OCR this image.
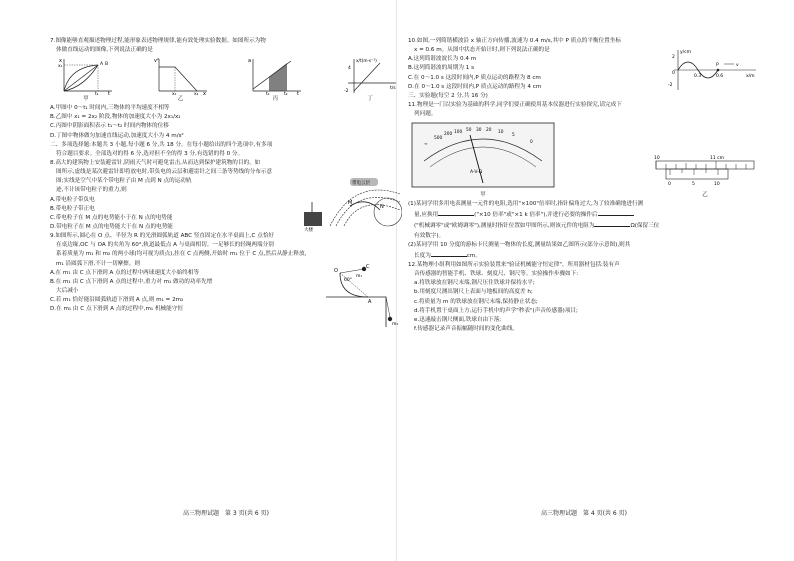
7.图像能够直观描述物理过程,能形象表述物理规律,能有效处理实验数据。如图所示为物

体做直线运动的图像,下列说法正确的是

x
t
x₁
t₁
A B
甲
v²
x
x₁	x₂
乙
a
t
t₁	t₂
丙
x/t(m·s⁻¹)
t/s
4
-2
丁

A.甲图中 0～t₁ 时间内,三物体的平均速度不相等

B.乙图中 x₁ = 2x₂ 阶段,物体的加速度大小为 2x₁/x₂

C.丙图中阴影面积表示 t₁～t₂ 时间内物体的位移

D.丁图中物体做匀加速直线运动,加速度大小为 4 m/s²

二、多项选择题:本题共 3 小题,每小题 6 分,共 18 分。在每小题给出的四个选项中,有多项

符合题目要求。全部选对的得 6 分,选对但不全的得 3 分,有选错的得 0 分。

8.高大的建筑物上安装避雷针,阴雨天气时可避免雷击,从而达到保护建筑物的目的。如

图所示,虚线是某次避雷针即将放电时,带负电的云层和避雷针之间三条等势线的分布示意

图;实线是空气中某个带电粒子由 M 点到 N 点的运动轨

迹,不计该带电粒子的重力,则

带电云层
M
N
大楼

A.带电粒子带负电

B.带电粒子带正电

C.带电粒子在 M 点的电势能小于在 N 点的电势能

D.带电粒子在 M 点的电势能大于在 N 点的电势能

9.如图所示,圆心在 O 点、半径为 R 的光滑圆弧轨道 ABC 竖直固定在水平桌面上,C 点恰好

在桌边缘,OC 与 OA 的夹角为 60°,轨道最低点 A 与桌面相切。一足够长的轻绳两端分别

系着质量为 m₁ 和 m₂ 的两小球(均可视为质点),挂在 C 点两侧,开始时 m₁ 位于 C 点,然后从静止释放,

m₁ 沿圆弧下滑,不计一切摩擦。则

O
60°
C
A
m₁
m₂

A.在 m₁ 由 C 点下滑到 A 点的过程中两球速度大小始终相等

B.在 m₁ 由 C 点下滑到 A 点的过程中,重力对 m₁ 做功的功率先增

大后减小

C.若 m₁ 恰好能沿圆弧轨道下滑到 A 点,则 m₁ = 2m₂

D.在 m₁ 由 C 点下滑到 A 点的过程中,m₁ 机械能守恒

高三物理试题　第 3 页(共 6 页)

10.如图,一列简谐横波沿 x 轴正方向传播,波速为 0.4 m/s,其中 P 质点的平衡位置坐标

x = 0.6 m。从图中状态开始计时,则下列说法正确的是	y/cm
2
0
-2
0.3
P
0.6	x/m
v

A.这列简谐波波长为 0.4 m

B.这列简谐波的周期为 1 s

C.在 0～1.0 s 这段时间内,P 质点运动的路程为 8 cm

D.在 0～1.0 s 这段时间内,P 质点运动的路程为 4 cm

三、实验题(每空 2 分,共 16 分)

11.物理是一门以实验为基础的科学,同学们要正确使用基本仪器进行实验探究,请完成下

列问题。

∞
500
200 100 50 30 20 10
5
0
A-V-Ω
甲
10	11 cm
0	5	10
乙

(1)某同学用多用电表测量一元件的电阻,选用"×100"倍率时,指针偏角过大,为了较准确地进行测

量,应换用	("×10 倍率"或"×1 k 倍率"),并进行必要的操作后

("机械调零"或"欧姆调零"),测量时指针位置如甲图所示,则该元件的电阻为	Ω(保留三位

有效数字)。

(2)某同学用 10 分度的游标卡尺测量一物体的长度,测量结果如乙图所示(部分示意图),则其

长度为	cm。

12.某物理小组利用如图所示实验装置来"验证机械能守恒定律"。所用器材包括:装有声

音传感器的智能手机、铁球、刻度尺、钢尺等。实验操作步骤如下:

a.将铁球放在钢尺末端,钢尺压住铁球并保持水平;

b.用刻度尺测出钢尺上表面与地板间的高度差 h;

c.将质量为 m 的铁球放在钢尺末端,保持静止状态;

d.将手机置于桌面上方,运行手机中的声学"秒表"(声音传感器)项目;

e.迅速敲击钢尺侧面,铁球自由下落;

f.传感器记录声音振幅随时间的变化曲线。

高三物理试题　第 4 页(共 6 页)
